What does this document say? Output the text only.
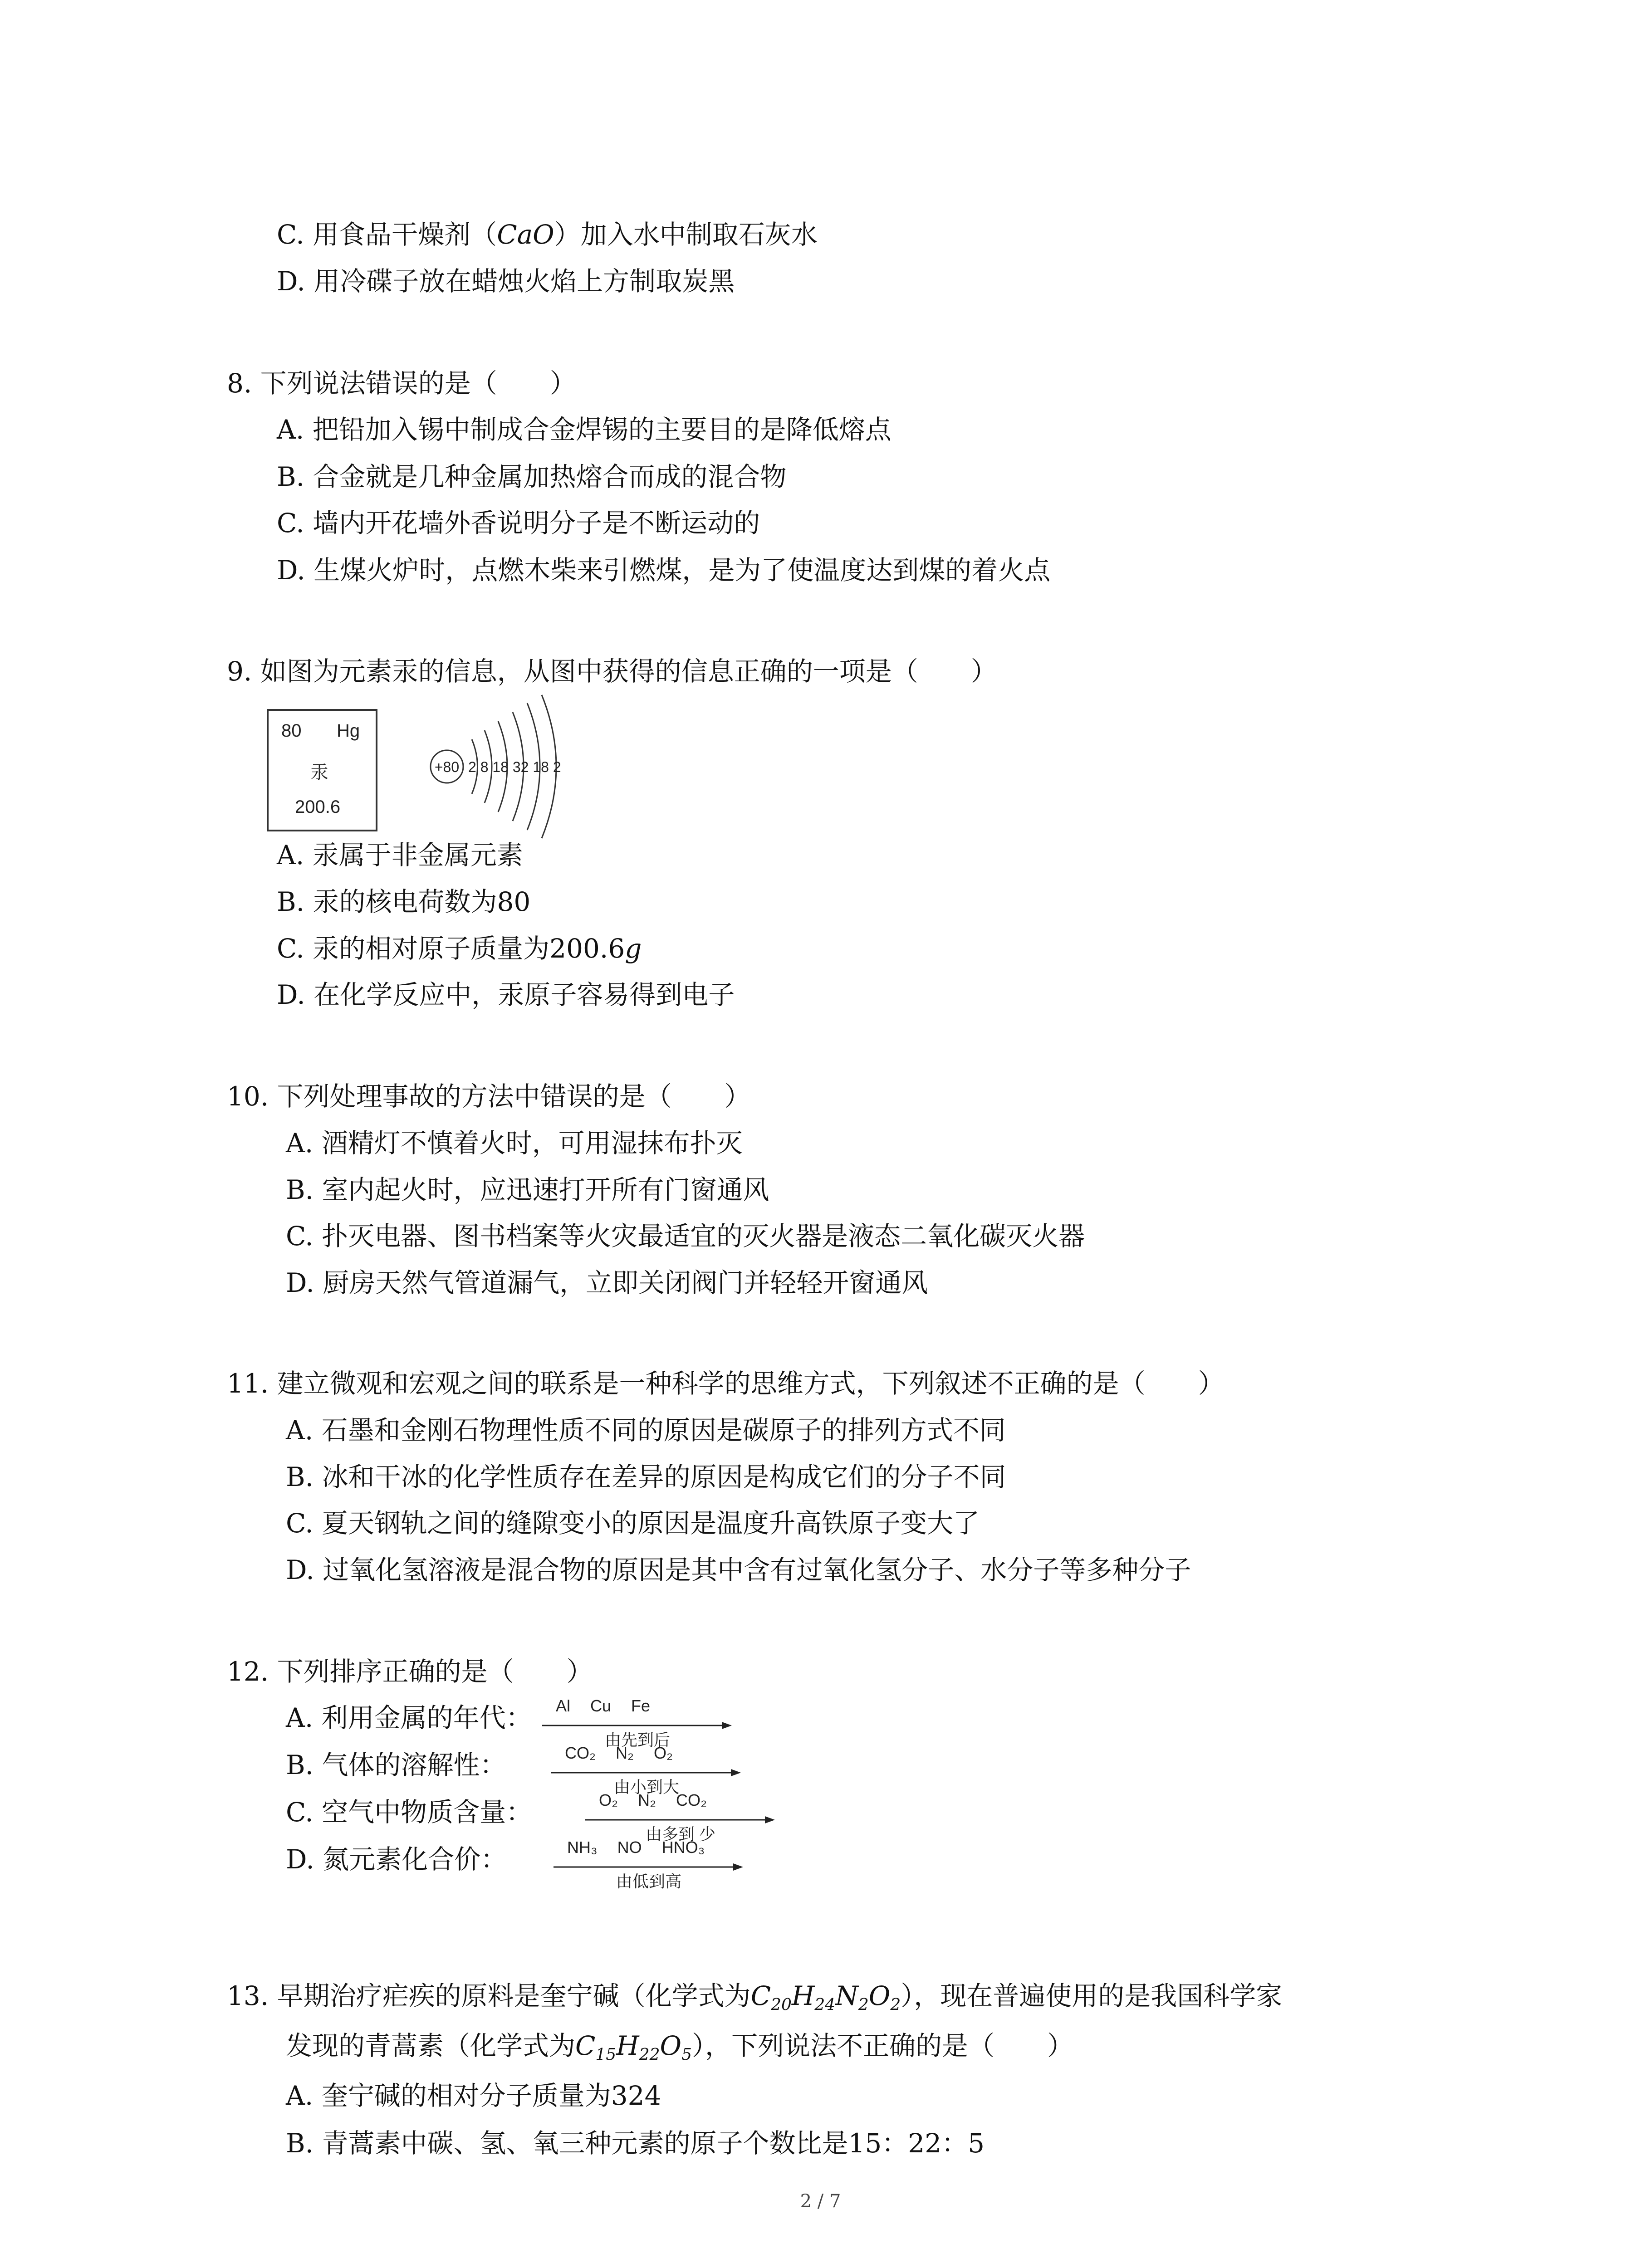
C. 用食品干燥剂（CaO）加入水中制取石灰水
D. 用冷碟子放在蜡烛火焰上方制取炭黑
8. 下列说法错误的是（　　）
A. 把铅加入锡中制成合金焊锡的主要目的是降低熔点
B. 合金就是几种金属加热熔合而成的混合物
C. 墙内开花墙外香说明分子是不断运动的
D. 生煤火炉时，点燃木柴来引燃煤，是为了使温度达到煤的着火点
9. 如图为元素汞的信息，从图中获得的信息正确的一项是（　　）
80 Hg
汞
200.6
+80 2 8 18 32 18 2
A. 汞属于非金属元素
B. 汞的核电荷数为80
C. 汞的相对原子质量为200.6g
D. 在化学反应中，汞原子容易得到电子
10. 下列处理事故的方法中错误的是（　　）
A. 酒精灯不慎着火时，可用湿抹布扑灭
B. 室内起火时，应迅速打开所有门窗通风
C. 扑灭电器、图书档案等火灾最适宜的灭火器是液态二氧化碳灭火器
D. 厨房天然气管道漏气，立即关闭阀门并轻轻开窗通风
11. 建立微观和宏观之间的联系是一种科学的思维方式，下列叙述不正确的是（　　）
A. 石墨和金刚石物理性质不同的原因是碳原子的排列方式不同
B. 冰和干冰的化学性质存在差异的原因是构成它们的分子不同
C. 夏天钢轨之间的缝隙变小的原因是温度升高铁原子变大了
D. 过氧化氢溶液是混合物的原因是其中含有过氧化氢分子、水分子等多种分子
12. 下列排序正确的是（　　）
A. 利用金属的年代： Al Cu Fe
由先到后
B. 气体的溶解性：	CO₂ N₂ O₂
由小到大
C. 空气中物质含量：	O₂ N₂ CO₂
由多到 少
D. 氮元素化合价：	NH₃ NO HNO₃
由低到高
13. 早期治疗疟疾的原料是奎宁碱（化学式为$C_{20}H_{24}N_2O_2$），现在普遍使用的是我国科学家
发现的青蒿素（化学式为$C_{15}H_{22}O_5$），下列说法不正确的是（　　）
A. 奎宁碱的相对分子质量为324
B. 青蒿素中碳、氢、氧三种元素的原子个数比是15：22：5
2 / 7
